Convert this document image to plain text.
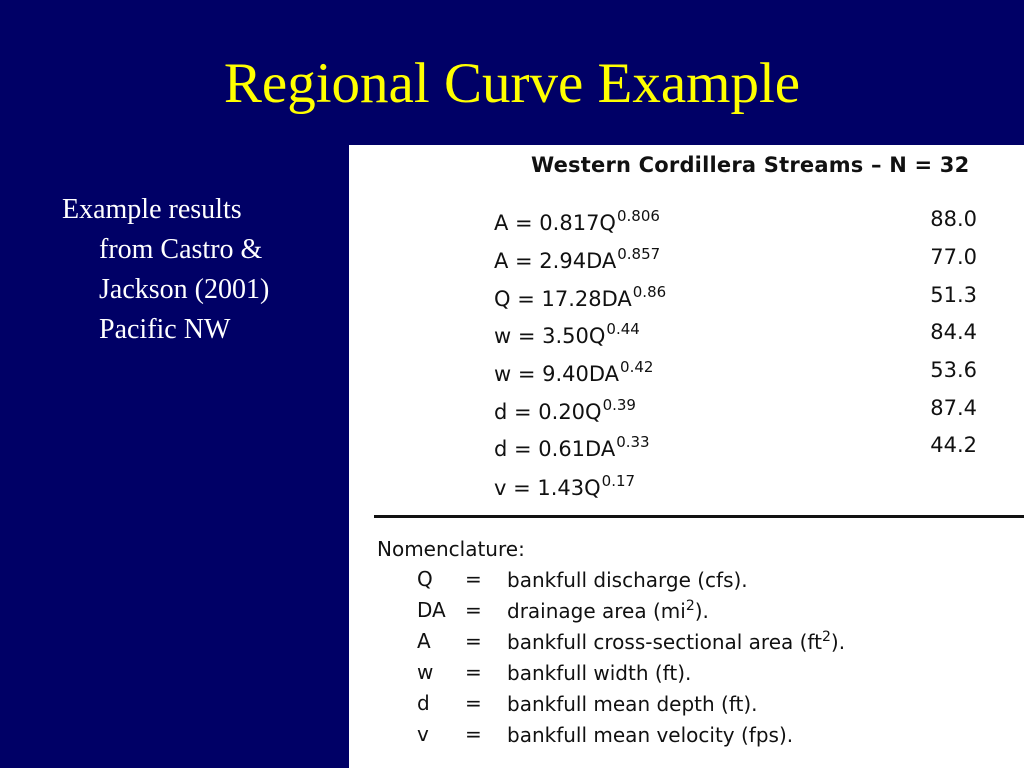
Regional Curve Example
Example results
from Castro &
Jackson (2001)
Pacific NW
Western Cordillera Streams – N = 32
$A = 0.817Q^{0.806}$	88.0
$A = 2.94DA^{0.857}$	77.0
$Q = 17.28DA^{0.86}$	51.3
$w = 3.50Q^{0.44}$	84.4
$w = 9.40DA^{0.42}$	53.6
$d = 0.20Q^{0.39}$	87.4
$d = 0.61DA^{0.33}$	44.2
$v = 1.43Q^{0.17}$
Nomenclature:
Q = bankfull discharge (cfs).
DA = drainage area $(mi^2)$.
A = bankfull cross-sectional area $(ft^2)$.
w = bankfull width (ft).
d = bankfull mean depth (ft).
v = bankfull mean velocity (fps).
